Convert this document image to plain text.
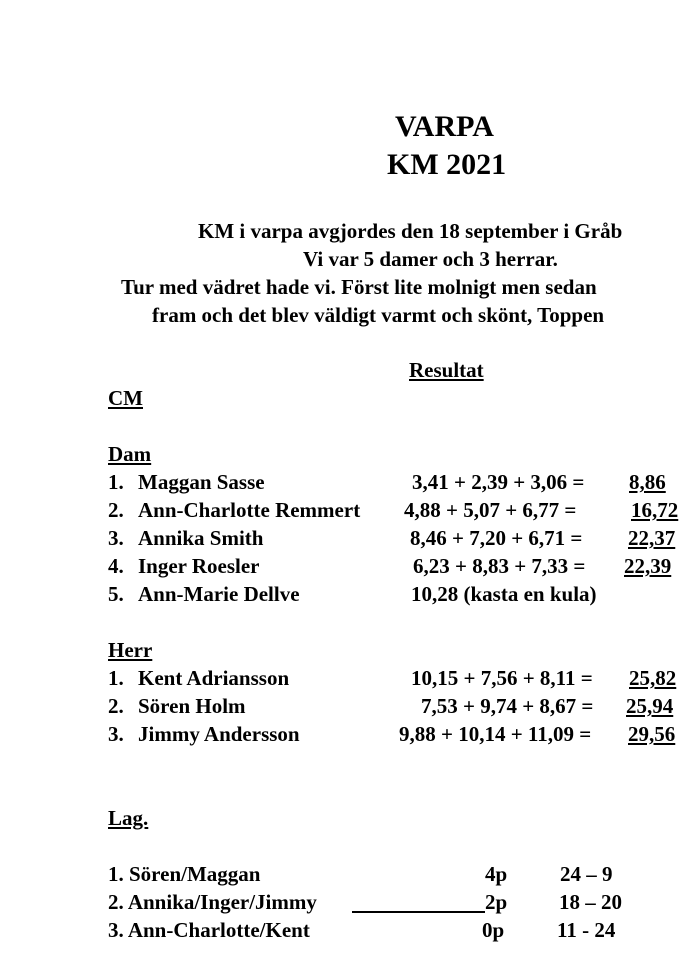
VARPA
KM 2021
KM i varpa avgjordes den 18 september i Gråb
Vi var 5 damer och 3 herrar.
Tur med vädret hade vi. Först lite molnigt men sedan
fram och det blev väldigt varmt och skönt, Toppen
Resultat
CM
Dam
1. Maggan Sasse	3,41 + 2,39 + 3,06 = 8,86
2. Ann-Charlotte Remmert 4,88 + 5,07 + 6,77 =	16,72
3. Annika Smith	8,46 + 7,20 + 6,71 = 22,37
4. Inger Roesler	6,23 + 8,83 + 7,33 = 22,39
5. Ann-Marie Dellve	10,28 (kasta en kula)
Herr
1. Kent Adriansson	10,15 + 7,56 + 8,11 = 25,82
2. Sören Holm	7,53 + 9,74 + 8,67 = 25,94
3. Jimmy Andersson	9,88 + 10,14 + 11,09 = 29,56
Lag.
1. Sören/Maggan	4p	24 – 9
2. Annika/Inger/Jimmy	2p 18 – 20
3. Ann-Charlotte/Kent	0p	11 - 24
